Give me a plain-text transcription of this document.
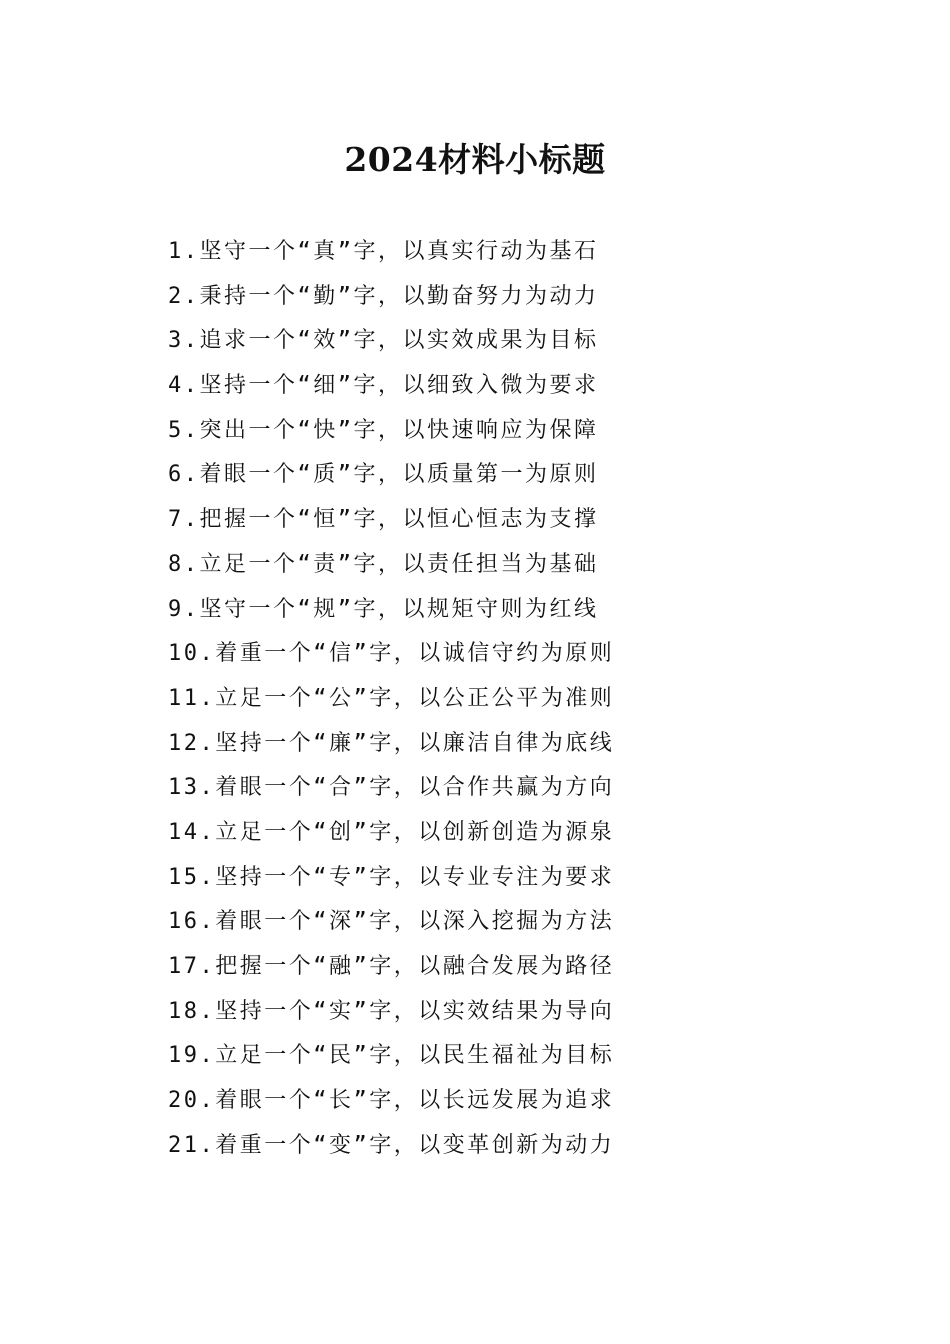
2024材料小标题
1.坚守一个“真”字，以真实行动为基石
2.秉持一个“勤”字，以勤奋努力为动力
3.追求一个“效”字，以实效成果为目标
4.坚持一个“细”字，以细致入微为要求
5.突出一个“快”字，以快速响应为保障
6.着眼一个“质”字，以质量第一为原则
7.把握一个“恒”字，以恒心恒志为支撑
8.立足一个“责”字，以责任担当为基础
9.坚守一个“规”字，以规矩守则为红线
10.着重一个“信”字，以诚信守约为原则
11.立足一个“公”字，以公正公平为准则
12.坚持一个“廉”字，以廉洁自律为底线
13.着眼一个“合”字，以合作共赢为方向
14.立足一个“创”字，以创新创造为源泉
15.坚持一个“专”字，以专业专注为要求
16.着眼一个“深”字，以深入挖掘为方法
17.把握一个“融”字，以融合发展为路径
18.坚持一个“实”字，以实效结果为导向
19.立足一个“民”字，以民生福祉为目标
20.着眼一个“长”字，以长远发展为追求
21.着重一个“变”字，以变革创新为动力
